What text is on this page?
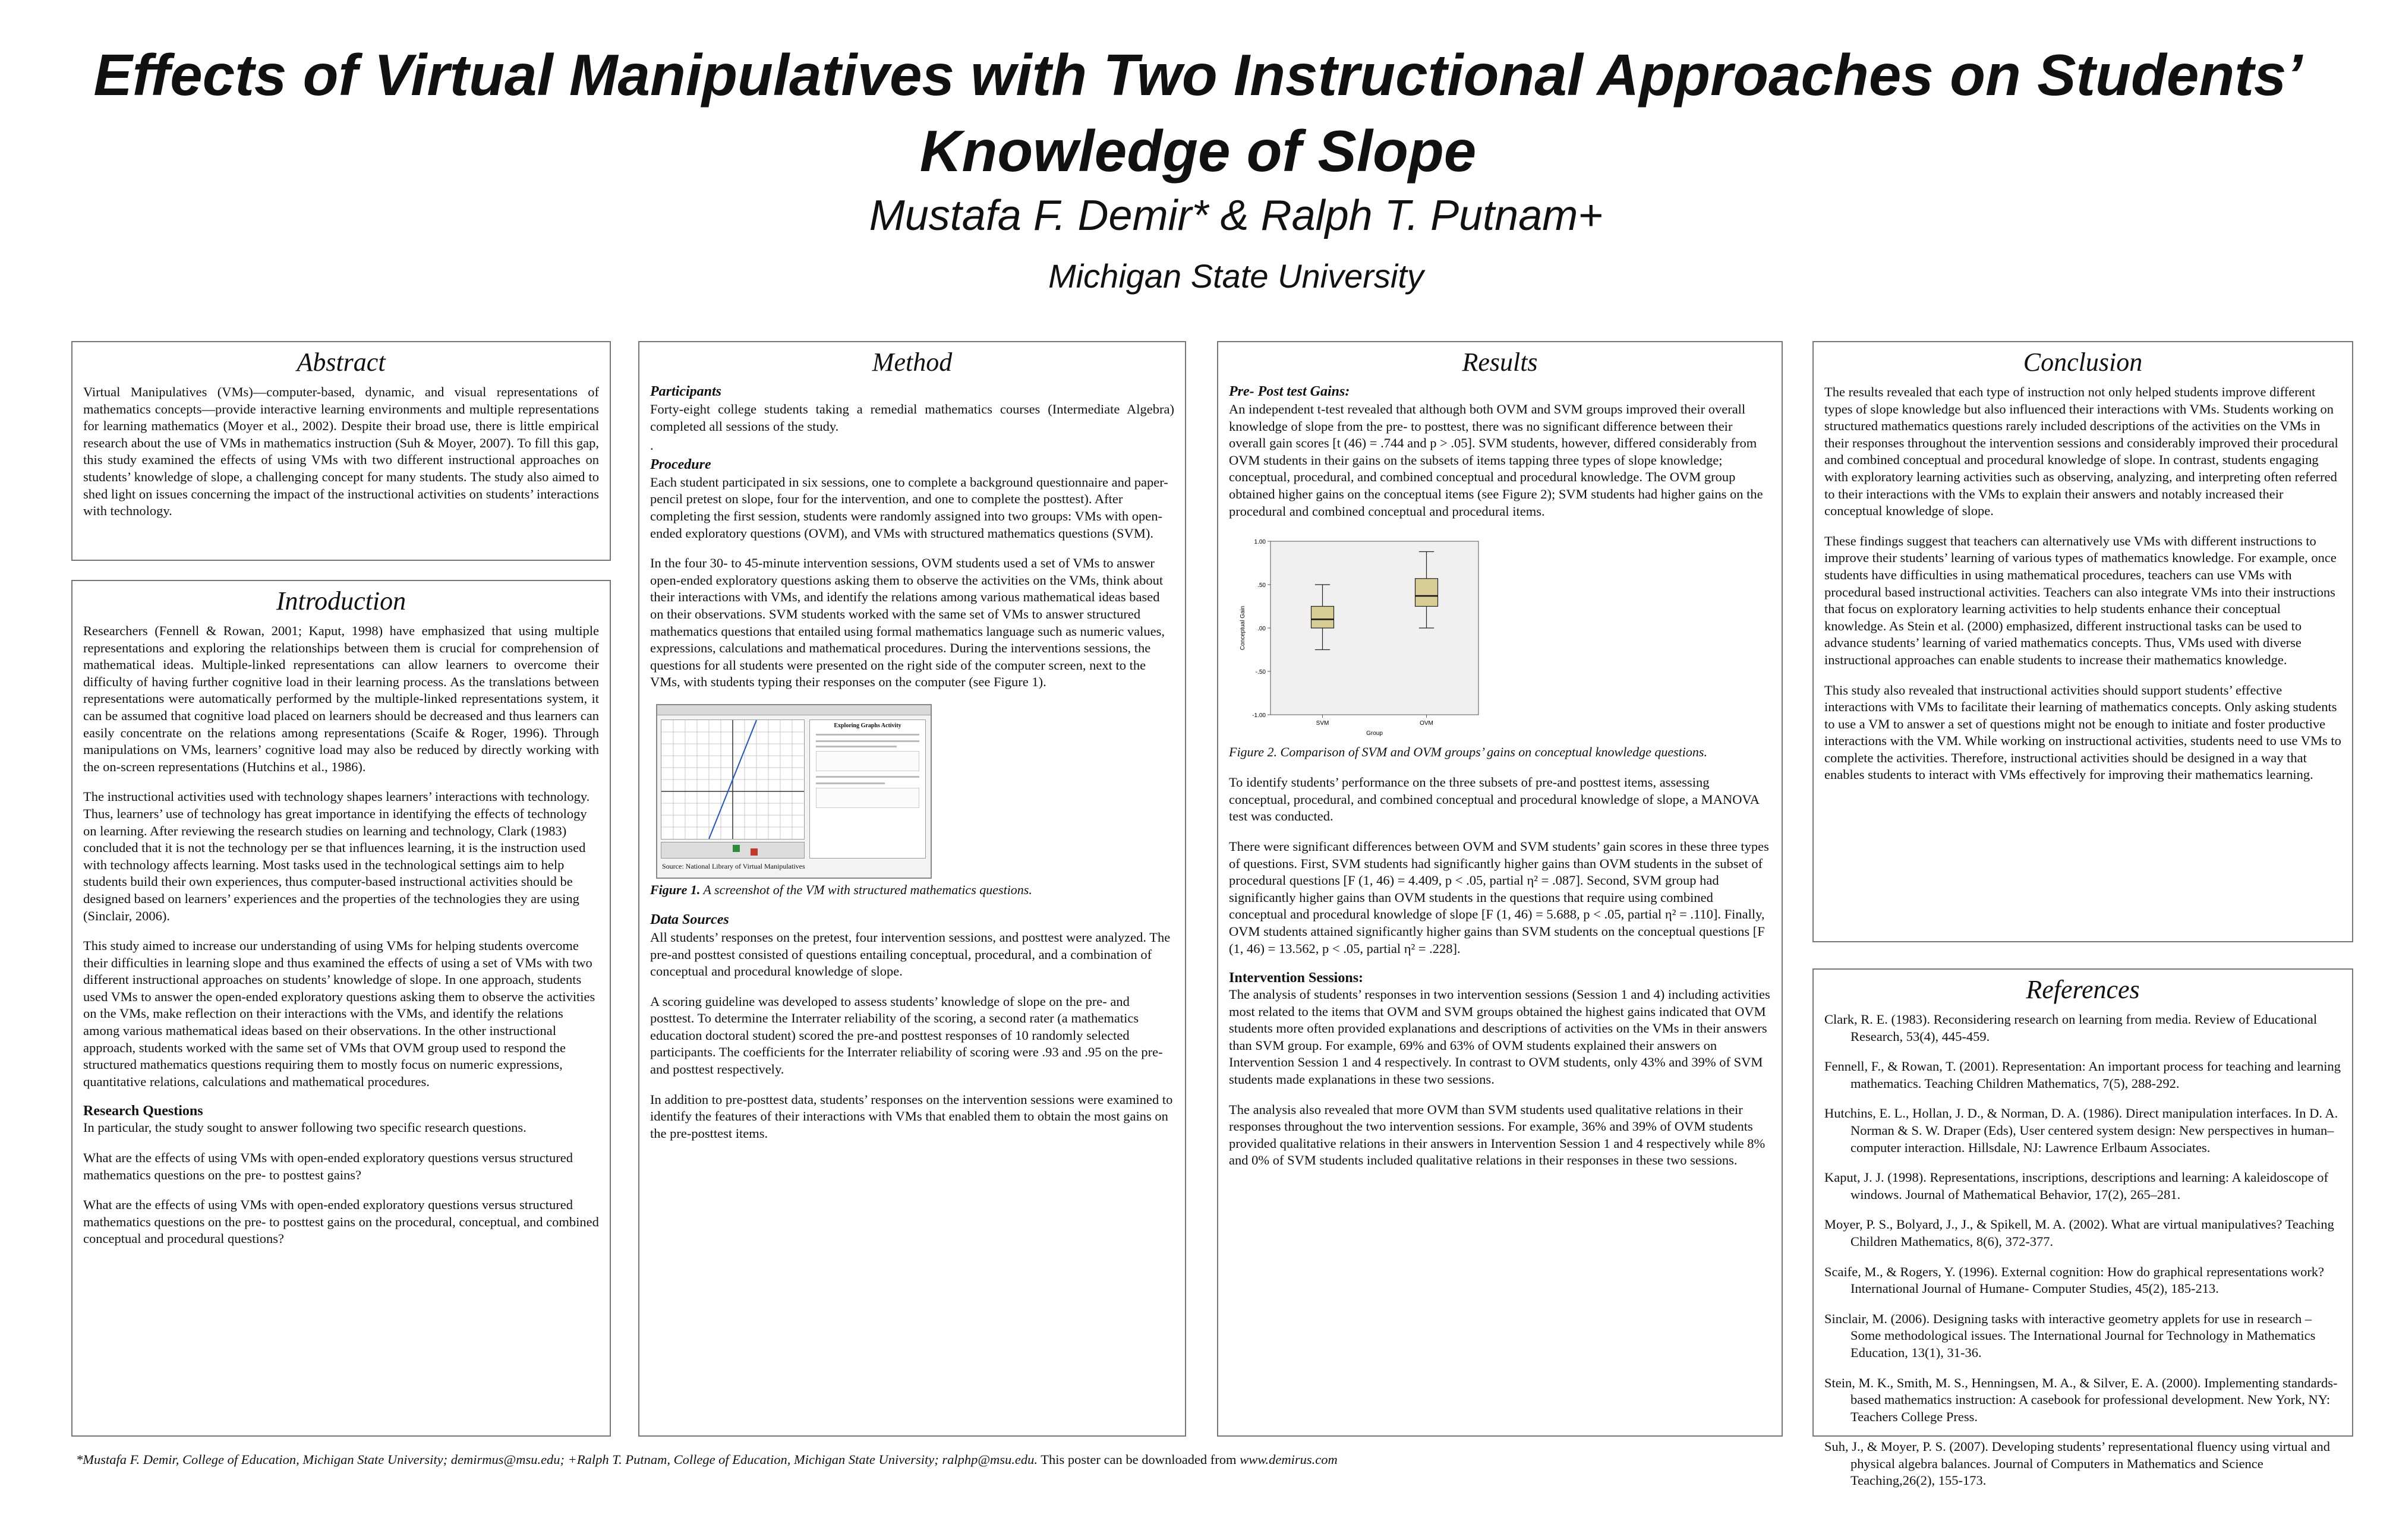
Effects of Virtual Manipulatives with Two Instructional Approaches on Students’ Knowledge of Slope
Mustafa F. Demir* & Ralph T. Putnam+
Michigan State University
Abstract

Virtual Manipulatives (VMs)—computer-based, dynamic, and visual representations of mathematics concepts—provide interactive learning environments and multiple representations for learning mathematics (Moyer et al., 2002). Despite their broad use, there is little empirical research about the use of VMs in mathematics instruction (Suh & Moyer, 2007). To fill this gap, this study examined the effects of using VMs with two different instructional approaches on students’ knowledge of slope, a challenging concept for many students. The study also aimed to shed light on issues concerning the impact of the instructional activities on students’ interactions with technology.

Introduction

Researchers (Fennell & Rowan, 2001; Kaput, 1998) have emphasized that using multiple representations and exploring the relationships between them is crucial for comprehension of mathematical ideas. Multiple-linked representations can allow learners to overcome their difficulty of having further cognitive load in their learning process. As the translations between representations were automatically performed by the multiple-linked representations system, it can be assumed that cognitive load placed on learners should be decreased and thus learners can easily concentrate on the relations among representations (Scaife & Roger, 1996). Through manipulations on VMs, learners’ cognitive load may also be reduced by directly working with the on-screen representations (Hutchins et al., 1986).

The instructional activities used with technology shapes learners’ interactions with technology. Thus, learners’ use of technology has great importance in identifying the effects of technology on learning. After reviewing the research studies on learning and technology, Clark (1983) concluded that it is not the technology per se that influences learning, it is the instruction used with technology affects learning. Most tasks used in the technological settings aim to help students build their own experiences, thus computer-based instructional activities should be designed based on learners’ experiences and the properties of the technologies they are using (Sinclair, 2006).

This study aimed to increase our understanding of using VMs for helping students overcome their difficulties in learning slope and thus examined the effects of using a set of VMs with two different instructional approaches on students’ knowledge of slope. In one approach, students used VMs to answer the open-ended exploratory questions asking them to observe the activities on the VMs, make reflection on their interactions with the VMs, and identify the relations among various mathematical ideas based on their observations. In the other instructional approach, students worked with the same set of VMs that OVM group used to respond the structured mathematics questions requiring them to mostly focus on numeric expressions, quantitative relations, calculations and mathematical procedures.

Research Questions

In particular, the study sought to answer following two specific research questions.

What are the effects of using VMs with open-ended exploratory questions versus structured mathematics questions on the pre- to posttest gains?

What are the effects of using VMs with open-ended exploratory questions versus structured mathematics questions on the pre- to posttest gains on the procedural, conceptual, and combined conceptual and procedural questions?

Method
Participants

Forty-eight college students taking a remedial mathematics courses (Intermediate Algebra) completed all sessions of the study.

.

Procedure

Each student participated in six sessions, one to complete a background questionnaire and paper-pencil pretest on slope, four for the intervention, and one to complete the posttest). After completing the first session, students were randomly assigned into two groups: VMs with open-ended exploratory questions (OVM), and VMs with structured mathematics questions (SVM).

In the four 30- to 45-minute intervention sessions, OVM students used a set of VMs to answer open-ended exploratory questions asking them to observe the activities on the VMs, think about their interactions with VMs, and identify the relations among various mathematical ideas based on their observations. SVM students worked with the same set of VMs to answer structured mathematics questions that entailed using formal mathematics language such as numeric values, expressions, calculations and mathematical procedures. During the interventions sessions, the questions for all students were presented on the right side of the computer screen, next to the VMs, with students typing their responses on the computer (see Figure 1).

Exploring Graphs Activity
Source: National Library of Virtual Manipulatives
Figure 1. A screenshot of the VM with structured mathematics questions.
Data Sources

All students’ responses on the pretest, four intervention sessions, and posttest were analyzed. The pre-and posttest consisted of questions entailing conceptual, procedural, and a combination of conceptual and procedural knowledge of slope.

A scoring guideline was developed to assess students’ knowledge of slope on the pre- and posttest. To determine the Interrater reliability of the scoring, a second rater (a mathematics education doctoral student) scored the pre-and posttest responses of 10 randomly selected participants. The coefficients for the Interrater reliability of scoring were .93 and .95 on the pre-and posttest respectively.

In addition to pre-posttest data, students’ responses on the intervention sessions were examined to identify the features of their interactions with VMs that enabled them to obtain the most gains on the pre-posttest items.

Results
Pre- Post test Gains:

An independent t-test revealed that although both OVM and SVM groups improved their overall knowledge of slope from the pre- to posttest, there was no significant difference between their overall gain scores [t (46) = .744 and p > .05]. SVM students, however, differed considerably from OVM students in their gains on the subsets of items tapping three types of slope knowledge; conceptual, procedural, and combined conceptual and procedural knowledge. The OVM group obtained higher gains on the conceptual items (see Figure 2); SVM students had higher gains on the procedural and combined conceptual and procedural items.

1.00
.50
.00
-.50
-1.00
Conceptual Gain
SVM	OVM
Group
Figure 2. Comparison of SVM and OVM groups’ gains on conceptual knowledge questions.

To identify students’ performance on the three subsets of pre-and posttest items, assessing conceptual, procedural, and combined conceptual and procedural knowledge of slope, a MANOVA test was conducted.

There were significant differences between OVM and SVM students’ gain scores in these three types of questions. First, SVM students had significantly higher gains than OVM students in the subset of procedural questions [F (1, 46) = 4.409, p < .05, partial η² = .087]. Second, SVM group had significantly higher gains than OVM students in the questions that require using combined conceptual and procedural knowledge of slope [F (1, 46) = 5.688, p < .05, partial η² = .110]. Finally, OVM students attained significantly higher gains than SVM students on the conceptual questions [F (1, 46) = 13.562, p < .05, partial η² = .228].

Intervention Sessions:

The analysis of students’ responses in two intervention sessions (Session 1 and 4) including activities most related to the items that OVM and SVM groups obtained the highest gains indicated that OVM students more often provided explanations and descriptions of activities on the VMs in their answers than SVM group. For example, 69% and 63% of OVM students explained their answers on Intervention Session 1 and 4 respectively. In contrast to OVM students, only 43% and 39% of SVM students made explanations in these two sessions.

The analysis also revealed that more OVM than SVM students used qualitative relations in their responses throughout the two intervention sessions. For example, 36% and 39% of OVM students provided qualitative relations in their answers in Intervention Session 1 and 4 respectively while 8% and 0% of SVM students included qualitative relations in their responses in these two sessions.

Conclusion

The results revealed that each type of instruction not only helped students improve different types of slope knowledge but also influenced their interactions with VMs. Students working on structured mathematics questions rarely included descriptions of the activities on the VMs in their responses throughout the intervention sessions and considerably improved their procedural and combined conceptual and procedural knowledge of slope. In contrast, students engaging with exploratory learning activities such as observing, analyzing, and interpreting often referred to their interactions with the VMs to explain their answers and notably increased their conceptual knowledge of slope.

These findings suggest that teachers can alternatively use VMs with different instructions to improve their students’ learning of various types of mathematics knowledge. For example, once students have difficulties in using mathematical procedures, teachers can use VMs with procedural based instructional activities. Teachers can also integrate VMs into their instructions that focus on exploratory learning activities to help students enhance their conceptual knowledge. As Stein et al. (2000) emphasized, different instructional tasks can be used to advance students’ learning of varied mathematics concepts. Thus, VMs used with diverse instructional approaches can enable students to increase their mathematics knowledge.

This study also revealed that instructional activities should support students’ effective interactions with VMs to facilitate their learning of mathematics concepts. Only asking students to use a VM to answer a set of questions might not be enough to initiate and foster productive interactions with the VM. While working on instructional activities, students need to use VMs to complete the activities. Therefore, instructional activities should be designed in a way that enables students to interact with VMs effectively for improving their mathematics learning.

References

Clark, R. E. (1983). Reconsidering research on learning from media. Review of Educational Research, 53(4), 445-459.

Fennell, F., & Rowan, T. (2001). Representation: An important process for teaching and learning mathematics. Teaching Children Mathematics, 7(5), 288-292.

Hutchins, E. L., Hollan, J. D., & Norman, D. A. (1986). Direct manipulation interfaces. In D. A. Norman & S. W. Draper (Eds), User centered system design: New perspectives in human–computer interaction. Hillsdale, NJ: Lawrence Erlbaum Associates.

Kaput, J. J. (1998). Representations, inscriptions, descriptions and learning: A kaleidoscope of windows. Journal of Mathematical Behavior, 17(2), 265–281.

Moyer, P. S., Bolyard, J., J., & Spikell, M. A. (2002). What are virtual manipulatives? Teaching Children Mathematics, 8(6), 372-377.

Scaife, M., & Rogers, Y. (1996). External cognition: How do graphical representations work? International Journal of Humane- Computer Studies, 45(2), 185-213.

Sinclair, M. (2006). Designing tasks with interactive geometry applets for use in research – Some methodological issues. The International Journal for Technology in Mathematics Education, 13(1), 31-36.

Stein, M. K., Smith, M. S., Henningsen, M. A., & Silver, E. A. (2000). Implementing standards-based mathematics instruction: A casebook for professional development. New York, NY: Teachers College Press.

Suh, J., & Moyer, P. S. (2007). Developing students’ representational fluency using virtual and physical algebra balances. Journal of Computers in Mathematics and Science Teaching,26(2), 155-173.

*Mustafa F. Demir, College of Education, Michigan State University; demirmus@msu.edu; +Ralph T. Putnam, College of Education, Michigan State University; ralphp@msu.edu. This poster can be downloaded from www.demirus.com
